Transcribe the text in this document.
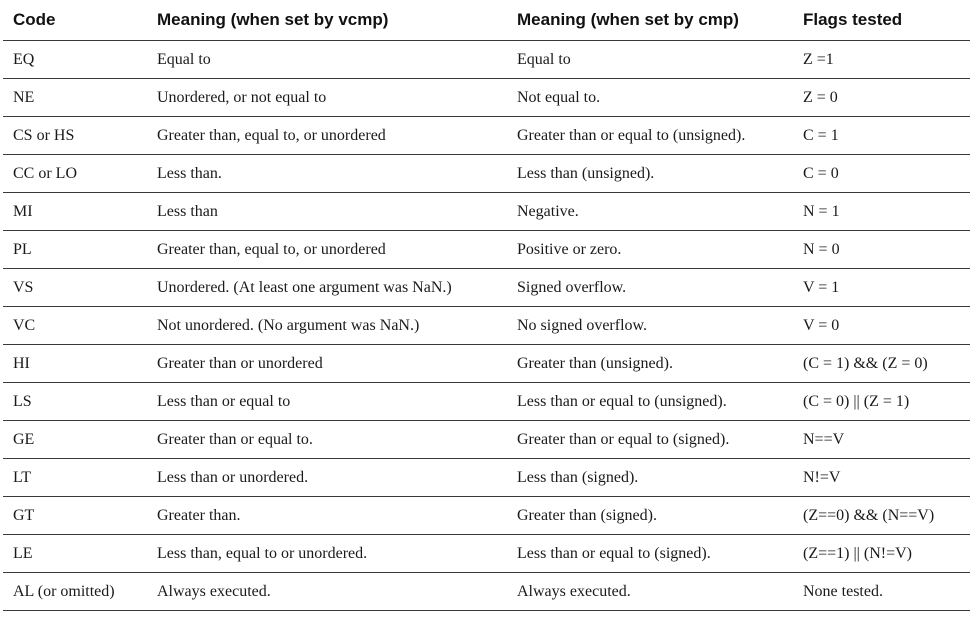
Code	Meaning (when set by vcmp)	Meaning (when set by cmp)	Flags tested
EQ	Equal to	Equal to	Z =1
NE	Unordered, or not equal to	Not equal to.	Z = 0
CS or HS	Greater than, equal to, or unordered	Greater than or equal to (unsigned).	C = 1
CC or LO	Less than.	Less than (unsigned).	C = 0
MI	Less than	Negative.	N = 1
PL	Greater than, equal to, or unordered	Positive or zero.	N = 0
VS	Unordered. (At least one argument was NaN.)	Signed overflow.	V = 1
VC	Not unordered. (No argument was NaN.)	No signed overflow.	V = 0
HI	Greater than or unordered	Greater than (unsigned).	(C = 1) && (Z = 0)
LS	Less than or equal to	Less than or equal to (unsigned).	(C = 0) || (Z = 1)
GE	Greater than or equal to.	Greater than or equal to (signed).	N==V
LT	Less than or unordered.	Less than (signed).	N!=V
GT	Greater than.	Greater than (signed).	(Z==0) && (N==V)
LE	Less than, equal to or unordered.	Less than or equal to (signed).	(Z==1) || (N!=V)
AL (or omitted)	Always executed.	Always executed.	None tested.
